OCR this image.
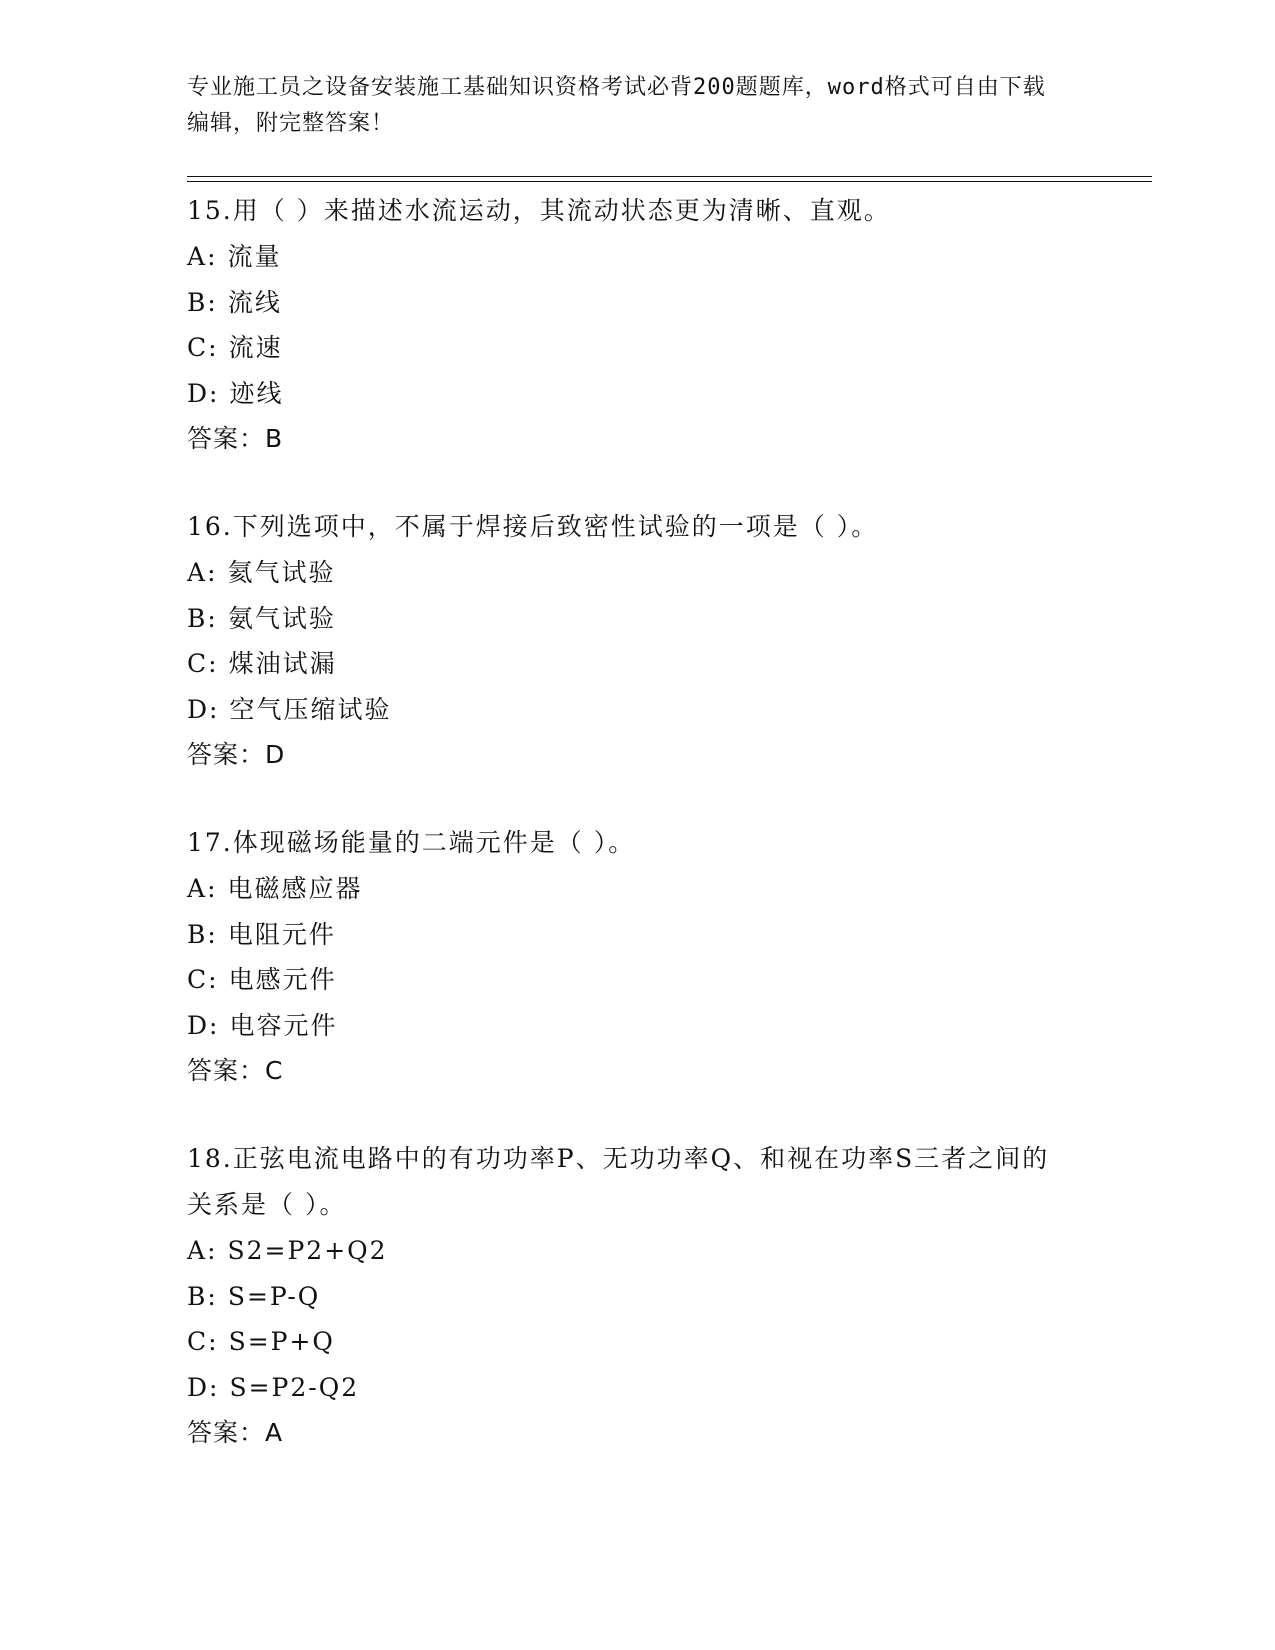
专业施工员之设备安装施工基础知识资格考试必背200题题库，word格式可自由下载编辑，附完整答案！
15.用（ ）来描述水流运动，其流动状态更为清晰、直观。
A: 流量
B: 流线
C: 流速
D: 迹线
答案：B
16.下列选项中，不属于焊接后致密性试验的一项是（ ）。
A: 氦气试验
B: 氨气试验
C: 煤油试漏
D: 空气压缩试验
答案：D
17.体现磁场能量的二端元件是（ ）。
A: 电磁感应器
B: 电阻元件
C: 电感元件
D: 电容元件
答案：C
18.正弦电流电路中的有功功率P、无功功率Q、和视在功率S三者之间的关系是（ ）。
A: S2=P2+Q2
B: S=P-Q
C: S=P+Q
D: S=P2-Q2
答案：A
